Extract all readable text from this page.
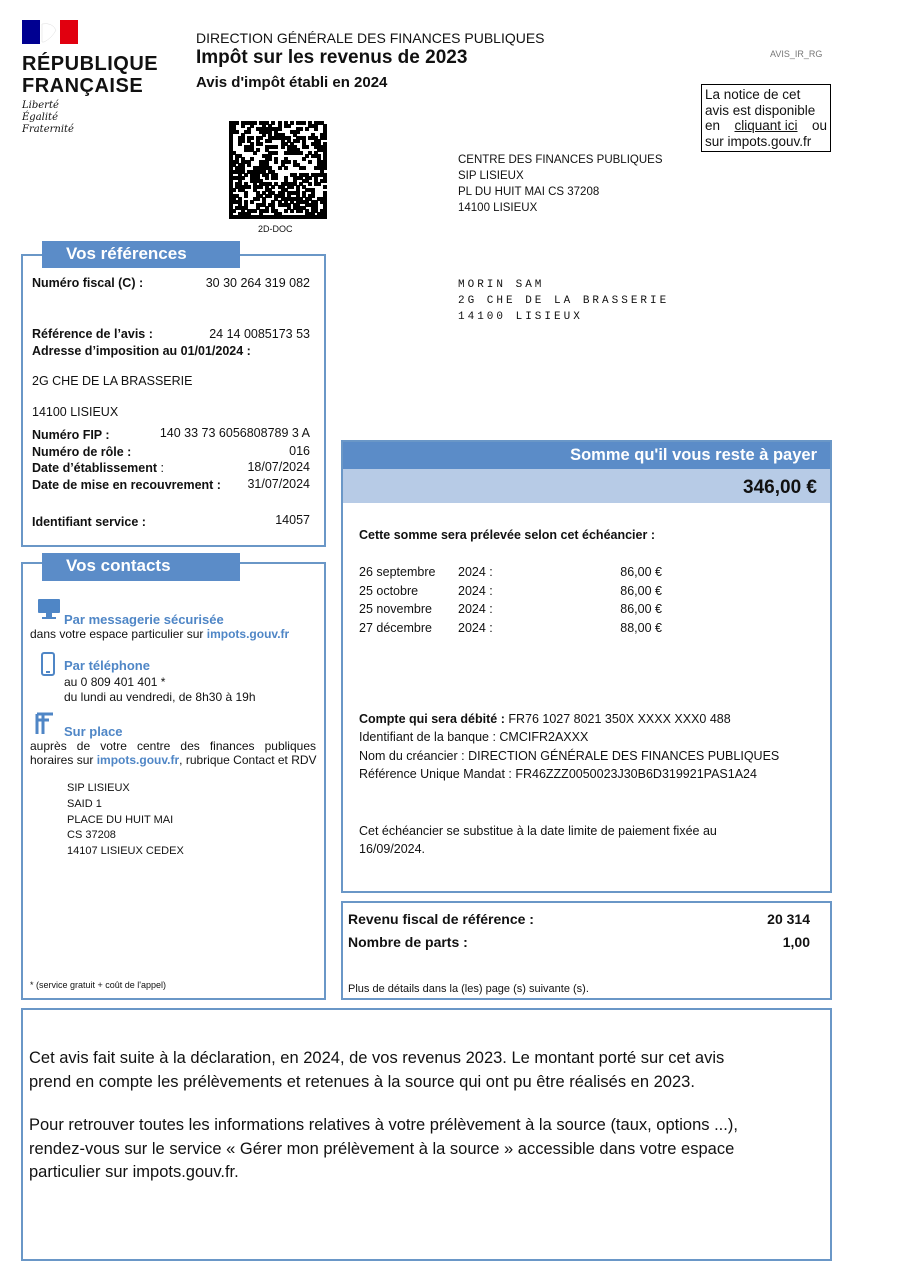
RÉPUBLIQUE
FRANÇAISE
Liberté
Égalité
Fraternité
DIRECTION GÉNÉRALE DES FINANCES PUBLIQUES
Impôt sur les revenus de 2023
Avis d'impôt établi en 2024
AVIS_IR_RG
La notice de cet
avis est disponible
en cliquant ici ou
sur impots.gouv.fr
2D-DOC
CENTRE DES FINANCES PUBLIQUES
SIP LISIEUX
PL DU HUIT MAI CS 37208
14100 LISIEUX
MORIN SAM
2G CHE DE LA BRASSERIE
14100 LISIEUX
Vos références
Numéro fiscal (C) :	30 30 264 319 082
Référence de l’avis :	24 14 0085173 53
Adresse d’imposition au 01/01/2024 :
2G CHE DE LA BRASSERIE
14100 LISIEUX
Numéro FIP :	140 33 73 6056808789 3 A
Numéro de rôle :	016
Date d’établissement :	18/07/2024
Date de mise en recouvrement : 31/07/2024
Identifiant service :	14057
Vos contacts
Par messagerie sécurisée
dans votre espace particulier sur impots.gouv.fr
Par téléphone
au 0 809 401 401 *
du lundi au vendredi, de 8h30 à 19h
Sur place
auprès de votre centre des finances publiques
horaires sur impots.gouv.fr, rubrique Contact et RDV
SIP LISIEUX
SAID 1
PLACE DU HUIT MAI
CS 37208
14107 LISIEUX CEDEX
* (service gratuit + coût de l'appel)
Somme qu'il vous reste à payer
346,00 €
Cette somme sera prélevée selon cet échéancier :
26 septembre 2024 :	86,00 €
25 octobre	2024 :	86,00 €
25 novembre 2024 :	86,00 €
27 décembre 2024 :	88,00 €
Compte qui sera débité : FR76 1027 8021 350X XXXX XXX0 488
Identifiant de la banque : CMCIFR2AXXX
Nom du créancier : DIRECTION GÉNÉRALE DES FINANCES PUBLIQUES
Référence Unique Mandat : FR46ZZZ0050023J30B6D319921PAS1A24
Cet échéancier se substitue à la date limite de paiement fixée au
16/09/2024.
Revenu fiscal de référence :	20 314
Nombre de parts :	1,00
Plus de détails dans la (les) page (s) suivante (s).
Cet avis fait suite à la déclaration, en 2024, de vos revenus 2023. Le montant porté sur cet avis
prend en compte les prélèvements et retenues à la source qui ont pu être réalisés en 2023.
Pour retrouver toutes les informations relatives à votre prélèvement à la source (taux, options ...),
rendez-vous sur le service « Gérer mon prélèvement à la source » accessible dans votre espace
particulier sur impots.gouv.fr.
